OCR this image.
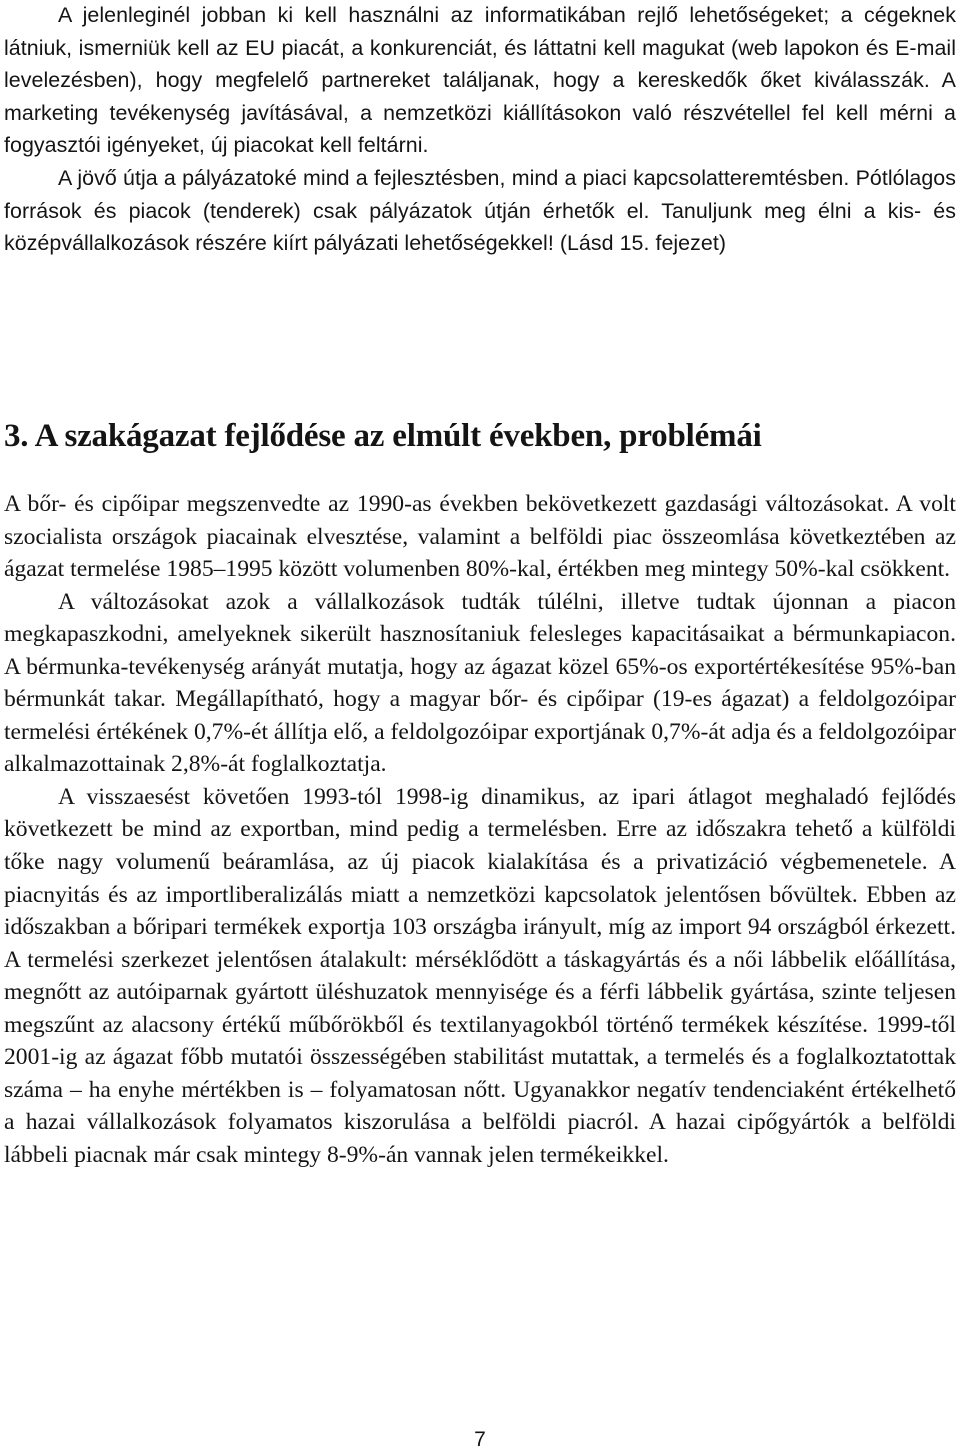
A jelenleginél jobban ki kell használni az informatikában rejlő lehetőségeket; a cégeknek látniuk, ismerniük kell az EU piacát, a konkurenciát, és láttatni kell magukat (web lapokon és E-mail levelezésben), hogy megfelelő partnereket találjanak, hogy a kereskedők őket kiválasszák. A marketing tevékenység javításával, a nemzetközi kiállításokon való részvétellel fel kell mérni a fogyasztói igényeket, új piacokat kell feltárni.

A jövő útja a pályázatoké mind a fejlesztésben, mind a piaci kapcsolatteremtésben. Pótlólagos források és piacok (tenderek) csak pályázatok útján érhetők el. Tanuljunk meg élni a kis- és középvállalkozások részére kiírt pályázati lehetőségekkel! (Lásd 15. fejezet)

3. A szakágazat fejlődése az elmúlt években, problémái

A bőr- és cipőipar megszenvedte az 1990-as években bekövetkezett gazdasági változásokat. A volt szocialista országok piacainak elvesztése, valamint a belföldi piac összeomlása következtében az ágazat termelése 1985–1995 között volumenben 80%-kal, értékben meg mintegy 50%-kal csökkent.

A változásokat azok a vállalkozások tudták túlélni, illetve tudtak újonnan a piacon megkapaszkodni, amelyeknek sikerült hasznosítaniuk felesleges kapacitásaikat a bérmunkapiacon. A bérmunka-tevékenység arányát mutatja, hogy az ágazat közel 65%-os exportértékesítése 95%-ban bérmunkát takar. Megállapítható, hogy a magyar bőr- és cipőipar (19-es ágazat) a feldolgozóipar termelési értékének 0,7%-ét állítja elő, a feldolgozóipar exportjának 0,7%-át adja és a feldolgozóipar alkalmazottainak 2,8%-át foglalkoztatja.

A visszaesést követően 1993-tól 1998-ig dinamikus, az ipari átlagot meghaladó fejlődés következett be mind az exportban, mind pedig a termelésben. Erre az időszakra tehető a külföldi tőke nagy volumenű beáramlása, az új piacok kialakítása és a privatizáció végbemenetele. A piacnyitás és az importliberalizálás miatt a nemzetközi kapcsolatok jelentősen bővültek. Ebben az időszakban a bőripari termékek exportja 103 országba irányult, míg az import 94 országból érkezett. A termelési szerkezet jelentősen átalakult: mérséklődött a táskagyártás és a női lábbelik előállítása, megnőtt az autóiparnak gyártott üléshuzatok mennyisége és a férfi lábbelik gyártása, szinte teljesen megszűnt az alacsony értékű műbőrökből és textilanyagokból történő termékek készítése. 1999-től 2001-ig az ágazat főbb mutatói összességében stabilitást mutattak, a termelés és a foglalkoztatottak száma – ha enyhe mértékben is – folyamatosan nőtt. Ugyanakkor negatív tendenciaként értékelhető a hazai vállalkozások folyamatos kiszorulása a belföldi piacról. A hazai cipőgyártók a belföldi lábbeli piacnak már csak mintegy 8-9%-án vannak jelen termékeikkel.

7
